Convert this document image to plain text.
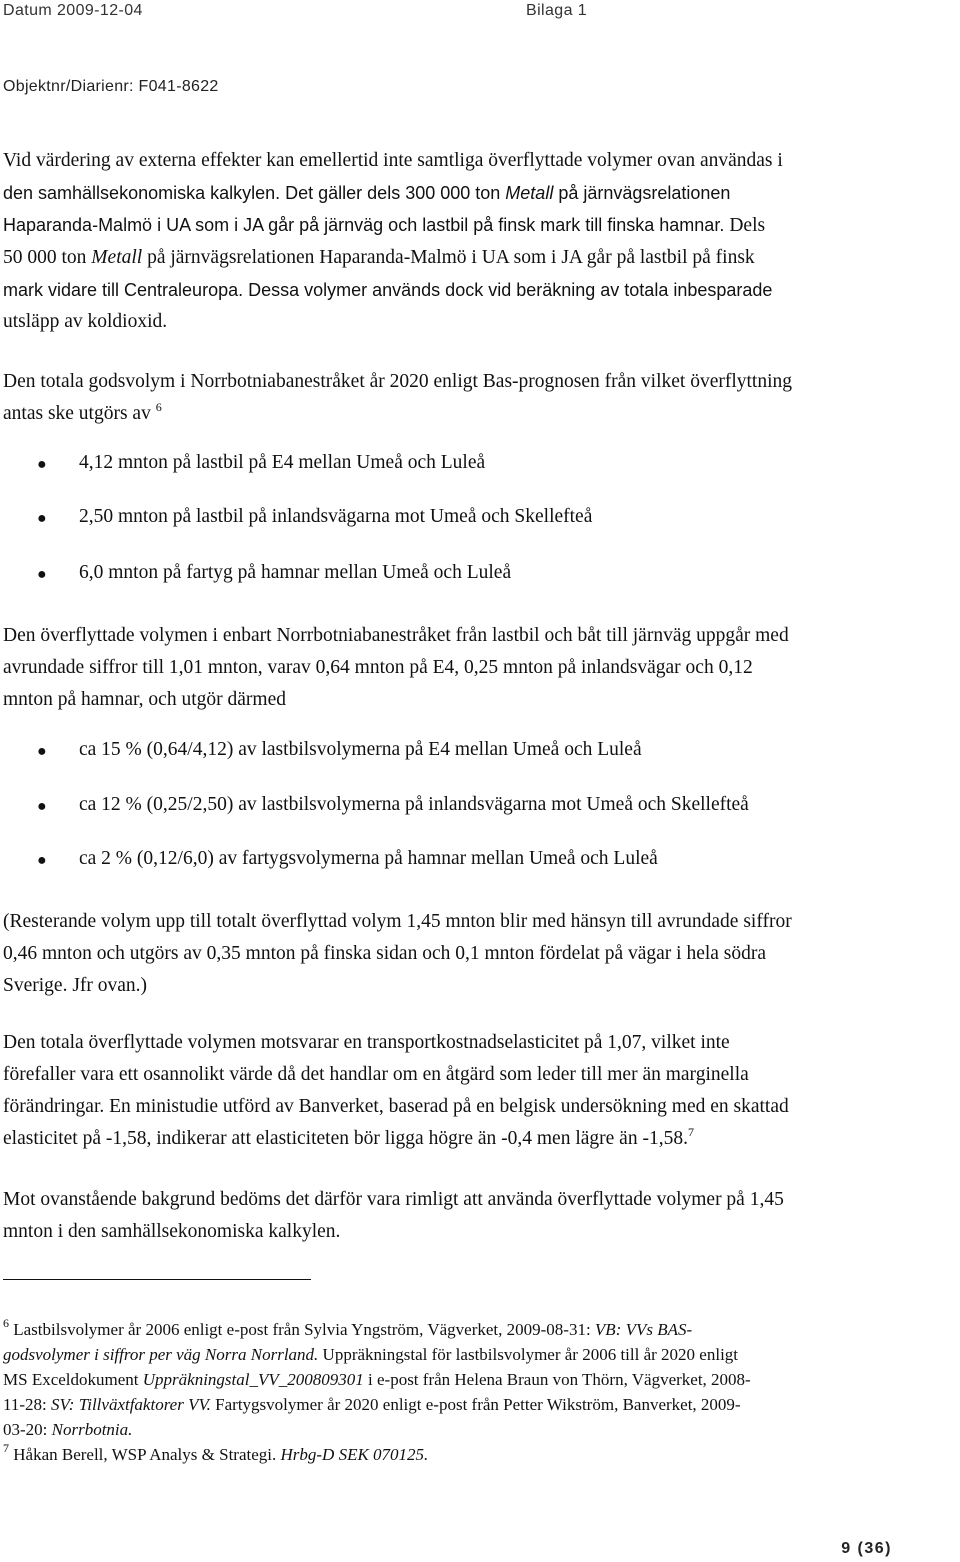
Datum 2009-12-04	Bilaga 1
Objektnr/Diarienr: F041-8622
Vid värdering av externa effekter kan emellertid inte samtliga överflyttade volymer ovan användas i
den samhällsekonomiska kalkylen. Det gäller dels 300 000 ton Metall på järnvägsrelationen
Haparanda-Malmö i UA som i JA går på järnväg och lastbil på finsk mark till finska hamnar. Dels
50 000 ton Metall på järnvägsrelationen Haparanda-Malmö i UA som i JA går på lastbil på finsk
mark vidare till Centraleuropa. Dessa volymer används dock vid beräkning av totala inbesparade
utsläpp av koldioxid.
Den totala godsvolym i Norrbotniabanestråket år 2020 enligt Bas-prognosen från vilket överflyttning
antas ske utgörs av $^6$
● 4,12 mnton på lastbil på E4 mellan Umeå och Luleå
● 2,50 mnton på lastbil på inlandsvägarna mot Umeå och Skellefteå
● 6,0 mnton på fartyg på hamnar mellan Umeå och Luleå
Den överflyttade volymen i enbart Norrbotniabanestråket från lastbil och båt till järnväg uppgår med
avrundade siffror till 1,01 mnton, varav 0,64 mnton på E4, 0,25 mnton på inlandsvägar och 0,12
mnton på hamnar, och utgör därmed
● ca 15 % (0,64/4,12) av lastbilsvolymerna på E4 mellan Umeå och Luleå
● ca 12 % (0,25/2,50) av lastbilsvolymerna på inlandsvägarna mot Umeå och Skellefteå
● ca 2 % (0,12/6,0) av fartygsvolymerna på hamnar mellan Umeå och Luleå
(Resterande volym upp till totalt överflyttad volym 1,45 mnton blir med hänsyn till avrundade siffror
0,46 mnton och utgörs av 0,35 mnton på finska sidan och 0,1 mnton fördelat på vägar i hela södra
Sverige. Jfr ovan.)
Den totala överflyttade volymen motsvarar en transportkostnadselasticitet på 1,07, vilket inte
förefaller vara ett osannolikt värde då det handlar om en åtgärd som leder till mer än marginella
förändringar. En ministudie utförd av Banverket, baserad på en belgisk undersökning med en skattad
elasticitet på -1,58, indikerar att elasticiteten bör ligga högre än -0,4 men lägre än -1,58.$^7$
Mot ovanstående bakgrund bedöms det därför vara rimligt att använda överflyttade volymer på 1,45
mnton i den samhällsekonomiska kalkylen.
$^6$ Lastbilsvolymer år 2006 enligt e-post från Sylvia Yngström, Vägverket, 2009-08-31: VB: VVs BAS-
godsvolymer i siffror per väg Norra Norrland. Uppräkningstal för lastbilsvolymer år 2006 till år 2020 enligt
MS Exceldokument Uppräkningstal_VV_200809301 i e-post från Helena Braun von Thörn, Vägverket, 2008-
11-28: SV: Tillväxtfaktorer VV. Fartygsvolymer år 2020 enligt e-post från Petter Wikström, Banverket, 2009-
03-20: Norrbotnia.
$^7$ Håkan Berell, WSP Analys & Strategi. Hrbg-D SEK 070125.
9 (36)
